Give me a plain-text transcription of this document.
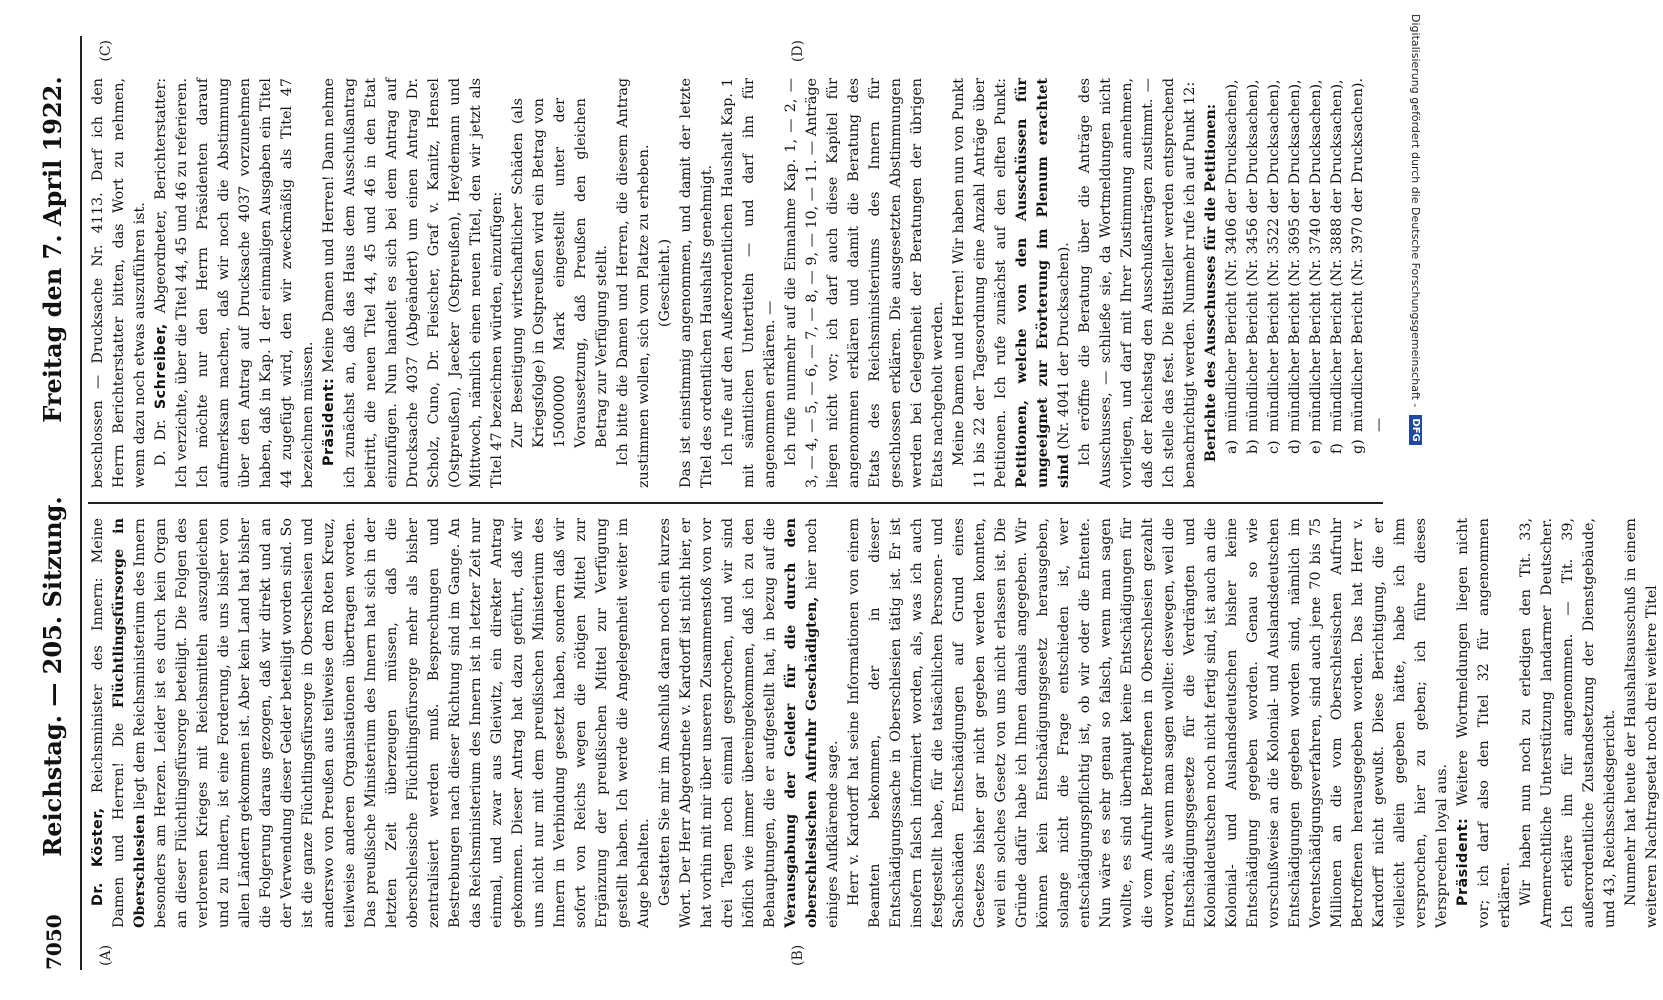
7050
Reichstag. — 205. Sitzung.
Freitag den 7. April 1922.
(A)	(B)

Dr. Köster, Reichsminister des Innern: Meine Damen und Herren! Die Flüchtlingsfürsorge in Oberschlesien liegt dem Reichsministerium des Innern besonders am Herzen. Leider ist es durch kein Organ an dieser Flüchtlingsfürsorge beteiligt. Die Folgen des verlorenen Krieges mit Reichsmitteln auszugleichen und zu lindern, ist eine Forderung, die uns bisher von allen Ländern gekommen ist. Aber kein Land hat bisher die Folgerung daraus gezogen, daß wir direkt und an der Verwendung dieser Gelder beteiligt worden sind. So ist die ganze Flüchtlingsfürsorge in Oberschlesien und anderswo von Preußen aus teilweise dem Roten Kreuz, teilweise anderen Organisationen übertragen worden. Das preußische Ministerium des Innern hat sich in der letzten Zeit überzeugen müssen, daß die oberschlesische Flüchtlingsfürsorge mehr als bisher zentralisiert werden muß. Besprechungen und Bestrebungen nach dieser Richtung sind im Gange. An das Reichsministerium des Innern ist in letzter Zeit nur einmal, und zwar aus Gleiwitz, ein direkter Antrag gekommen. Dieser Antrag hat dazu geführt, daß wir uns nicht nur mit dem preußischen Ministerium des Innern in Verbindung gesetzt haben, sondern daß wir sofort von Reichs wegen die nötigen Mittel zur Ergänzung der preußischen Mittel zur Verfügung gestellt haben. Ich werde die Angelegenheit weiter im Auge behalten. Gestatten Sie mir im Anschluß daran noch ein kurzes Wort. Der Herr Abgeordnete v. Kardorff ist nicht hier, er hat vorhin mit mir über unseren Zusammenstoß von vor drei Tagen noch einmal gesprochen, und wir sind höflich wie immer übereingekommen, daß ich zu den Behauptungen, die er aufgestellt hat, in bezug auf die Verausgabung der Gelder für die durch den oberschlesischen Aufruhr Geschädigten, hier noch einiges Aufklärende sage. Herr v. Kardorff hat seine Informationen von einem Beamten bekommen, der in dieser Entschädigungssache in Oberschlesien tätig ist. Er ist insofern falsch informiert worden, als, was ich auch festgestellt habe, für die tatsächlichen Personen- und Sachschäden Entschädigungen auf Grund eines Gesetzes bisher gar nicht gegeben werden konnten, weil ein solches Gesetz von uns nicht erlassen ist. Die Gründe dafür habe ich Ihnen damals angegeben. Wir können kein Entschädigungsgesetz herausgeben, solange nicht die Frage entschieden ist, wer entschädigungspflichtig ist, ob wir oder die Entente. Nun wäre es sehr genau so falsch, wenn man sagen wollte, es sind überhaupt keine Entschädigungen für die vom Aufruhr Betroffenen in Oberschlesien gezahlt worden, als wenn man sagen wollte: deswegen, weil die Entschädigungsgesetze für die Verdrängten und Kolonialdeutschen noch nicht fertig sind, ist auch an die Kolonial- und Auslandsdeutschen bisher keine Entschädigung gegeben worden. Genau so wie vorschußweise an die Kolonial- und Auslandsdeutschen Entschädigungen gegeben worden sind, nämlich im Vorentschädigungsverfahren, sind auch jene 70 bis 75 Millionen an die vom Oberschlesischen Aufruhr Betroffenen herausgegeben worden. Das hat Herr v. Kardorff nicht gewußt. Diese Berichtigung, die er vielleicht allein gegeben hätte, habe ich ihm versprochen, hier zu geben; ich führe dieses Versprechen loyal aus. Präsident: Weitere Wortmeldungen liegen nicht vor; ich darf also den Titel 32 für angenommen erklären. Wir haben nun noch zu erledigen den Tit. 33, Armenrechtliche Unterstützung landarmer Deutscher. Ich erkläre ihn für angenommen. — Tit. 39, außerordentliche Zustandsetzung der Dienstgebäude, und 43, Reichsschiedsgericht. Nunmehr hat heute der Haushaltsausschuß in einem weiteren Nachtragsetat noch drei weitere Titel

(C)	(D)

beschlossen — Drucksache Nr. 4113. Darf ich den Herrn Berichterstatter bitten, das Wort zu nehmen, wenn dazu noch etwas auszuführen ist. D. Dr. Schreiber, Abgeordneter, Berichterstatter: Ich verzichte, über die Titel 44, 45 und 46 zu referieren. Ich möchte nur den Herrn Präsidenten darauf aufmerksam machen, daß wir noch die Abstimmung über den Antrag auf Drucksache 4037 vorzunehmen haben, daß in Kap. 1 der einmaligen Ausgaben ein Titel 44 zugefügt wird, den wir zweckmäßig als Titel 47 bezeichnen müssen. Präsident: Meine Damen und Herren! Dann nehme ich zunächst an, daß das Haus dem Ausschußantrag beitritt, die neuen Titel 44, 45 und 46 in den Etat einzufügen. Nun handelt es sich bei dem Antrag auf Drucksache 4037 (Abgeändert) um einen Antrag Dr. Scholz, Cuno, Dr. Fleischer, Graf v. Kanitz, Hensel (Ostpreußen), Jaecker (Ostpreußen), Heydemann und Mittwoch, nämlich einen neuen Titel, den wir jetzt als Titel 47 bezeichnen würden, einzufügen: Zur Beseitigung wirtschaftlicher Schäden (als Kriegsfolge) in Ostpreußen wird ein Betrag von 15000000 Mark eingestellt unter der Voraussetzung, daß Preußen den gleichen Betrag zur Verfügung stellt. Ich bitte die Damen und Herren, die diesem Antrag zustimmen wollen, sich vom Platze zu erheben. (Geschieht.) Das ist einstimmig angenommen, und damit der letzte Titel des ordentlichen Haushalts genehmigt. Ich rufe auf den Außerordentlichen Haushalt Kap. 1 mit sämtlichen Untertiteln — und darf ihn für angenommen erklären. — Ich rufe nunmehr auf die Einnahme Kap. 1, — 2, — 3, — 4, — 5, — 6, — 7, — 8, — 9, — 10, — 11. — Anträge liegen nicht vor; ich darf auch diese Kapitel für angenommen erklären und damit die Beratung des Etats des Reichsministeriums des Innern für geschlossen erklären. Die ausgesetzten Abstimmungen werden bei Gelegenheit der Beratungen der übrigen Etats nachgeholt werden. Meine Damen und Herren! Wir haben nun von Punkt 11 bis 22 der Tagesordnung eine Anzahl Anträge über Petitionen. Ich rufe zunächst auf den elften Punkt: Petitionen, welche von den Ausschüssen für ungeeignet zur Erörterung im Plenum erachtet sind (Nr. 4041 der Drucksachen). Ich eröffne die Beratung über die Anträge des Ausschusses, — schließe sie, da Wortmeldungen nicht vorliegen, und darf mit Ihrer Zustimmung annehmen, daß der Reichstag den Ausschußanträgen zustimmt. — Ich stelle das fest. Die Bittsteller werden entsprechend benachrichtigt werden. Nunmehr rufe ich auf Punkt 12: Berichte des Ausschusses für die Petitionen: a)mündlicher Bericht (Nr. 3406 der Drucksachen),
b)mündlicher Bericht (Nr. 3456 der Drucksachen),
c)mündlicher Bericht (Nr. 3522 der Drucksachen),
d)mündlicher Bericht (Nr. 3695 der Drucksachen),
e)mündlicher Bericht (Nr. 3740 der Drucksachen),
f)mündlicher Bericht (Nr. 3888 der Drucksachen),
g)mündlicher Bericht (Nr. 3970 der Drucksachen). —
Digitalisierung gefördert durch die Deutsche Forschungsgemeinschaft -
DFG
